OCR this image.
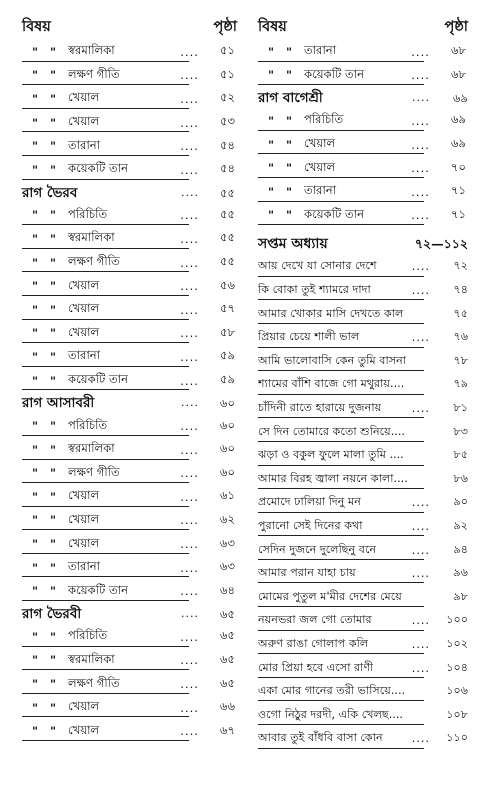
বিষয়	পৃষ্ঠা
"	"	স্বরমালিকা	.... ৫১
"	"	লক্ষণ গীতি	.... ৫১
"	"	খেয়াল	.... ৫২
"	"	খেয়াল	.... ৫৩
"	"	তারানা	.... ৫৪
"	"	কয়েকটি তান	.... ৫৪
রাগ ভৈরব	.... ৫৫
"	"	পরিচিতি	.... ৫৫
"	"	স্বরমালিকা	.... ৫৫
"	"	লক্ষণ গীতি	.... ৫৫
"	"	খেয়াল	.... ৫৬
"	"	খেয়াল	.... ৫৭
"	"	খেয়াল	.... ৫৮
"	"	তারানা	.... ৫৯
"	"	কয়েকটি তান	.... ৫৯
রাগ আসাবরী	.... ৬০
"	"	পরিচিতি	.... ৬০
"	"	স্বরমালিকা	.... ৬০
"	"	লক্ষণ গীতি	.... ৬০
"	"	খেয়াল	.... ৬১
"	"	খেয়াল	.... ৬২
"	"	খেয়াল	.... ৬৩
"	"	তারানা	.... ৬৩
"	"	কয়েকটি তান	.... ৬৪
রাগ ভৈরবী	.... ৬৫
"	"	পরিচিতি	.... ৬৫
"	"	স্বরমালিকা	.... ৬৫
"	"	লক্ষণ গীতি	.... ৬৫
"	"	খেয়াল	.... ৬৬
"	"	খেয়াল	.... ৬৭
বিষয়	পৃষ্ঠা
"	"	তারানা	.... ৬৮
"	"	কয়েকটি তান	.... ৬৮
রাগ বাগেশ্রী	.... ৬৯
"	"	পরিচিতি	.... ৬৯
"	"	খেয়াল	.... ৬৯
"	"	খেয়াল	.... ৭০
"	"	তারানা	.... ৭১
"	"	কয়েকটি তান	.... ৭১
সপ্তম অধ্যায়	৭২—১১২
আয় দেখে যা সোনার দেশে	.... ৭২
কি বোকা তুই শ্যামরে দাদা	.... ৭৪
আমার খোকার মাসি দেখতে কাল	৭৫
প্রিয়ার চেয়ে শালী ভাল	.... ৭৬
আমি ভালোবাসি কেন তুমি বাসনা	৭৮
শ্যামের বাঁশি বাজে গো মথুরায়....	৭৯
চাঁদিনী রাতে হারায়ে দুজনায়	.... ৮১
সে দিন তোমারে কতো শুনিয়ে....	৮৩
ঝড়া ও বকুল ফুলে মালা তুমি ....	৮৫
আমার বিরহ জ্বালা নয়নে কালা....	৮৬
প্রমোদে ঢালিয়া দিনু মন	.... ৯০
পুরানো সেই দিনের কথা	.... ৯২
সেদিন দুজনে দুলেছিনু বনে	.... ৯৪
আমার পরান যাহা চায়	.... ৯৬
মোমের পুতুল ম'মীর দেশের মেয়ে	৯৮
নয়নভরা জল গো তোমার	.... ১০০
অরুণ রাঙা গোলাপ কলি	.... ১০২
মোর প্রিয়া হবে এসো রাণী	.... ১০৪
একা মোর গানের তরী ভাসিয়ে....	১০৬
ওগো নিঠুর দরদী, একি খেলছ....	১০৮
আবার তুই বাঁধবি বাসা কোন	.... ১১০
